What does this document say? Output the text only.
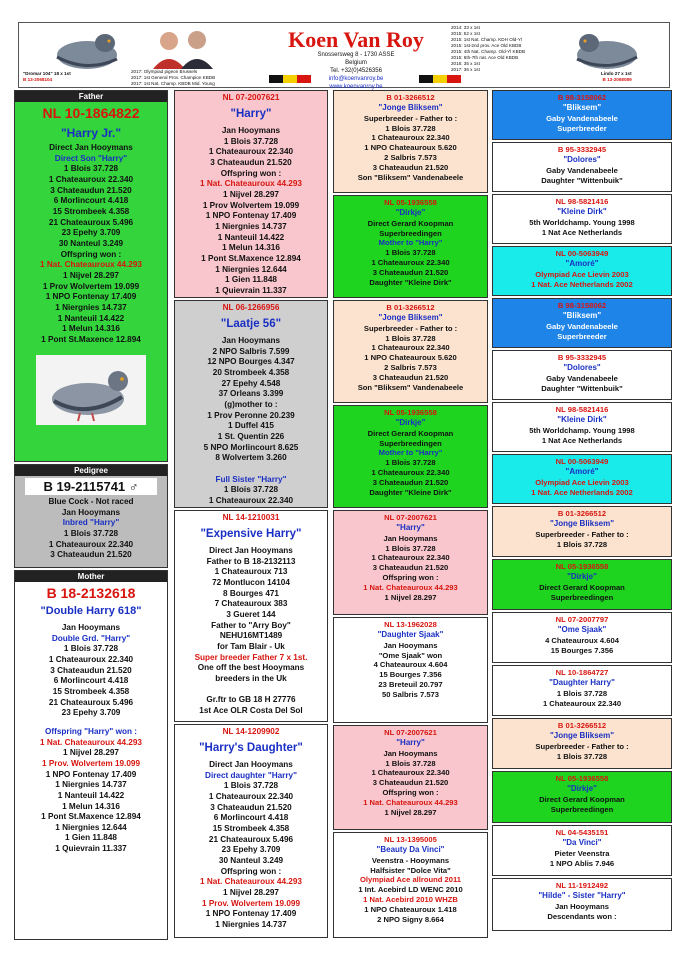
Koen Van Roy
Snossersweg 8 - 1730 ASSE
Belgium
Tel. +32(0)4526356
info@koenvanroy.be
www.koenvanroy.be
"Dromar 104" 18 x 1st
B 13-2068104
2017: Olympiad pigeon Brussels
2017: 1st General Prov. Champion KBDB
2017: 1st Nat. Champ. KBDB Mid. Young
2014: 33 x 1st
2015: 52 x 1st
2015: 1st Nat. Champ. KDH Old-Yl
2015: 1st-2nd prov. Ace Old KBDB
2015: 4th Nat. Champ. Old-Yl KBDB
2015: 6th-7th nat. Ace Old KBDB
2016: 35 x 1st
2017: 36 x 1st
Lindo 27 x 1st
B 13-2068089
Father
NL 10-1864822
"Harry Jr."
Direct Jan Hooymans
Direct Son "Harry"
1 Blois 37.728
1 Chateauroux 22.340
3 Chateaudun 21.520
6 Morlincourt 4.418
15 Strombeek 4.358
21 Chateauroux 5.496
23 Epehy 3.709
30 Nanteul 3.249
Offspring won :
1 Nat. Chateauroux 44.293
1 Nijvel 28.297
1 Prov Wolvertem 19.099
1 NPO Fontenay 17.409
1 Niergnies 14.737
1 Nanteuil 14.422
1 Melun 14.316
1 Pont St.Maxence 12.894
Pedigree
B 19-2115741 ♂
Blue Cock - Not raced
Jan Hooymans
Inbred "Harry"
1 Blois 37.728
1 Chateauroux 22.340
3 Chateaudun 21.520
Mother
B 18-2132618
"Double Harry 618"
Jan Hooymans
Double Grd. "Harry"
1 Blois 37.728
1 Chateauroux 22.340
3 Chateaudun 21.520
6 Morlincourt 4.418
15 Strombeek 4.358
21 Chateauroux 5.496
23 Epehy 3.709
Offspring "Harry" won :
1 Nat. Chateauroux 44.293
1 Nijvel 28.297
1 Prov. Wolvertem 19.099
1 NPO Fontenay 17.409
1 Niergnies 14.737
1 Nanteuil 14.422
1 Melun 14.316
1 Pont St.Maxence 12.894
1 Niergnies 12.644
1 Gien 11.848
1 Quievrain 11.337
NL 07-2007621
"Harry"
Jan Hooymans
1 Blois 37.728
1 Chateauroux 22.340
3 Chateaudun 21.520
Offspring won :
1 Nat. Chateauroux 44.293
1 Nijvel 28.297
1 Prov Wolvertem 19.099
1 NPO Fontenay 17.409
1 Niergnies 14.737
1 Nanteuil 14.422
1 Melun 14.316
1 Pont St.Maxence 12.894
1 Niergnies 12.644
1 Gien 11.848
1 Quievrain 11.337
NL 06-1266956
"Laatje 56"
Jan Hooymans
2 NPO Salbris 7.599
12 NPO Bourges 4.347
20 Strombeek 4.358
27 Epehy 4.548
37 Orleans 3.399
(g)mother to :
1 Prov Peronne 20.239
1 Duffel 415
1 St. Quentin 226
5 NPO Morlincourt 8.625
8 Wolvertem 3.260

Full Sister "Harry"
1 Blois 37.728
1 Chateauroux 22.340
NL 14-1210031
"Expensive Harry"
Direct Jan Hooymans
Father to B 18-2132113
1 Chateauroux 713
72 Montlucon 14104
8 Bourges 471
7 Chateauroux 383
3 Gueret 144
Father to "Arry Boy"
NEHU16MT1489
for Tam Blair - Uk
Super breeder Father 7 x 1st.
One off the best Hooymans
breeders in the Uk

Gr.ftr to GB 18 H 27776
1st Ace OLR Costa Del Sol
NL 14-1209902
"Harry's Daughter"
Direct Jan Hooymans
Direct daughter "Harry"
1 Blois 37.728
1 Chateauroux 22.340
3 Chateaudun 21.520
6 Morlincourt 4.418
15 Strombeek 4.358
21 Chateauroux 5.496
23 Epehy 3.709
30 Nanteul 3.249
Offspring won :
1 Nat. Chateauroux 44.293
1 Nijvel 28.297
1 Prov. Wolvertem 19.099
1 NPO Fontenay 17.409
1 Niergnies 14.737
B 01-3266512
"Jonge Bliksem"
Superbreeder - Father to :
1 Blois 37.728
1 Chateauroux 22.340
1 NPO Chateauroux 5.620
2 Salbris 7.573
3 Chateaudun 21.520
Son "Bliksem" Vandenabeele
NL 05-1936558
"Dirkje"
Direct Gerard Koopman
Superbreedingen
Mother to "Harry"
1 Blois 37.728
1 Chateauroux 22.340
3 Chateaudun 21.520
Daughter "Kleine Dirk"
B 01-3266512
"Jonge Bliksem"
Superbreeder - Father to :
1 Blois 37.728
1 Chateauroux 22.340
1 NPO Chateauroux 5.620
2 Salbris 7.573
3 Chateaudun 21.520
Son "Bliksem" Vandenabeele
NL 05-1936558
"Dirkje"
Direct Gerard Koopman
Superbreedingen
Mother to "Harry"
1 Blois 37.728
1 Chateauroux 22.340
3 Chateaudun 21.520
Daughter "Kleine Dirk"
NL 07-2007621
"Harry"
Jan Hooymans
1 Blois 37.728
1 Chateauroux 22.340
3 Chateaudun 21.520
Offspring won :
1 Nat. Chateauroux 44.293
1 Nijvel 28.297
NL 13-1962028
"Daughter Sjaak"
Jan Hooymans
"Ome Sjaak" won
4 Chateauroux 4.604
15 Bourges 7.356
23 Breteuil 20.797
50 Salbris 7.573
NL 07-2007621
"Harry"
Jan Hooymans
1 Blois 37.728
1 Chateauroux 22.340
3 Chateaudun 21.520
Offspring won :
1 Nat. Chateauroux 44.293
1 Nijvel 28.297
NL 13-1395005
"Beauty Da Vinci"
Veenstra - Hooymans
Halfsister "Dolce Vita"
Olympiad Ace allround 2011
1 Int. Acebird LD WENC 2010
1 Nat. Acebird 2010 WHZB
1 NPO Chateauroux 1.418
2 NPO Signy 8.664
B 98-3158062
"Bliksem"
Gaby Vandenabeele
Superbreeder
B 95-3332945
"Dolores"
Gaby Vandenabeele
Daughter "Wittenbuik"
NL 98-5821416
"Kleine Dirk"
5th Worldchamp. Young 1998
1 Nat Ace Netherlands
NL 00-5063949
"Amoré"
Olympiad Ace Lievin 2003
1 Nat. Ace Netherlands 2002
B 98-3158062
"Bliksem"
Gaby Vandenabeele
Superbreeder
B 95-3332945
"Dolores"
Gaby Vandenabeele
Daughter "Wittenbuik"
NL 98-5821416
"Kleine Dirk"
5th Worldchamp. Young 1998
1 Nat Ace Netherlands
NL 00-5063949
"Amoré"
Olympiad Ace Lievin 2003
1 Nat. Ace Netherlands 2002
B 01-3266512
"Jonge Bliksem"
Superbreeder - Father to :
1 Blois 37.728
NL 05-1936558
"Dirkje"
Direct Gerard Koopman
Superbreedingen
NL 07-2007797
"Ome Sjaak"
4 Chateauroux 4.604
15 Bourges 7.356
NL 10-1864727
"Daughter Harry"
1 Blois 37.728
1 Chateauroux 22.340
B 01-3266512
"Jonge Bliksem"
Superbreeder - Father to :
1 Blois 37.728
NL 05-1936558
"Dirkje"
Direct Gerard Koopman
Superbreedingen
NL 04-5435151
"Da Vinci"
Pieter Veenstra
1 NPO Ablis 7.946
NL 11-1912492
"Hilde" - Sister "Harry"
Jan Hooymans
Descendants won :
